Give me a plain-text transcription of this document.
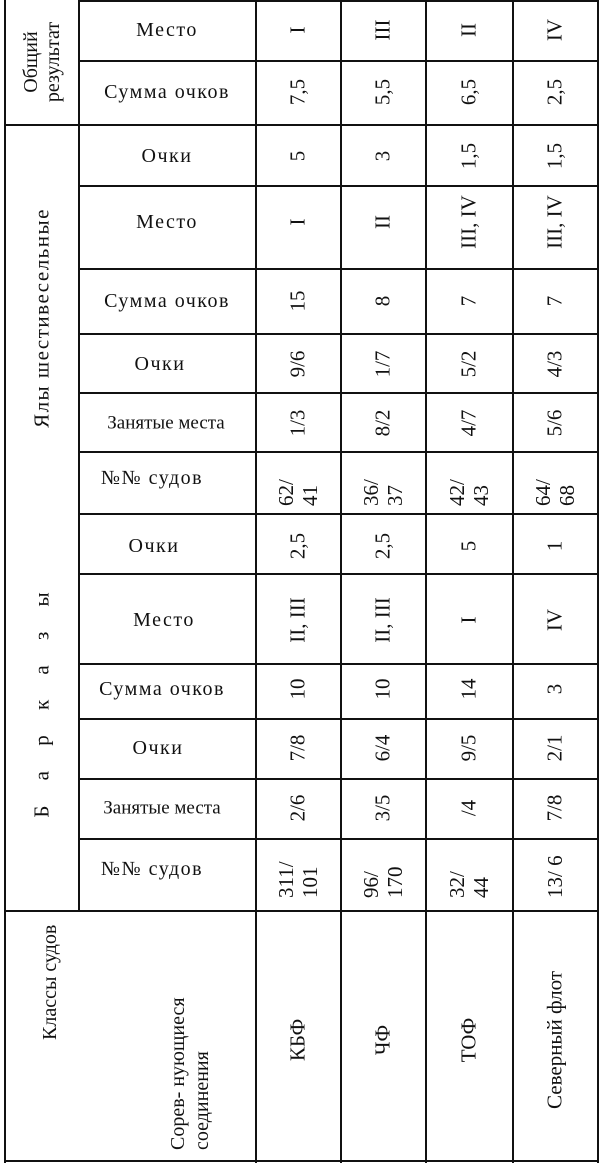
Общий результат
Ялы шестивесельные
Б а р к а з ы
Место
Сумма очков
Очки
Место
Сумма очков
Очки
Занятые места
№№ судов
Очки
Место
Сумма очков
Очки
Занятые места
№№ судов
Классы судов
Сорев- нующиеся соединения
I
7,5
5
I
15
9/6
1/3
62/ 41
2,5
II, III
10
7/8
2/6
311/ 101
КБФ
III
5,5
3
II
8
1/7
8/2
36/ 37
2,5
II, III
10
6/4
3/5
96/ 170
ЧФ
II
6,5
1,5
III, IV
7
5/2
4/7
42/ 43
5
I
14
9/5
/4
32/ 44
ТОФ
IV
2,5
1,5
III, IV
7
4/3
5/6
64/ 68
1
IV
3
2/1
7/8
13/ 6
Северный флот
